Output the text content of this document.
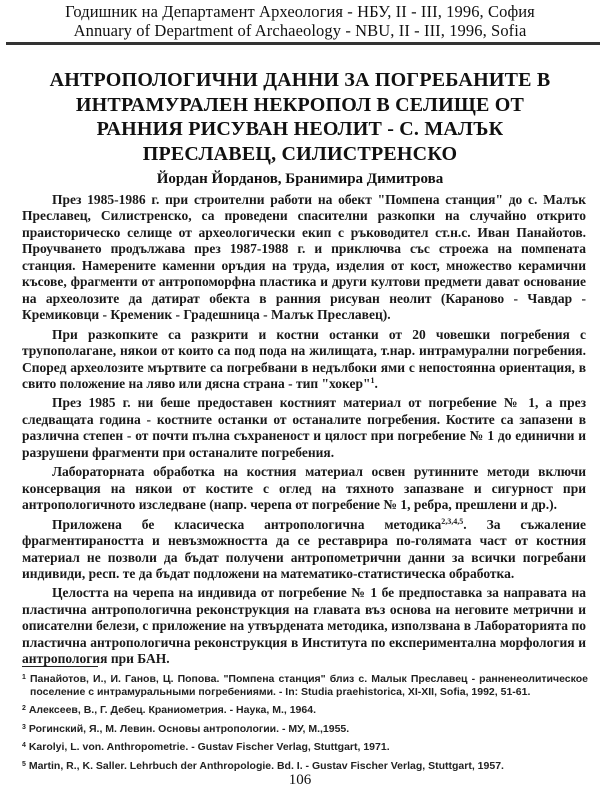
Годишник на Департамент Археология - НБУ, II - III, 1996, София
Annuary of Department of Archaeology - NBU, II - III, 1996, Sofia
АНТРОПОЛОГИЧНИ ДАННИ ЗА ПОГРЕБАНИТЕ В
ИНТРАМУРАЛЕН НЕКРОПОЛ В СЕЛИЩЕ ОТ
РАННИЯ РИСУВАН НЕОЛИТ - С. МАЛЪК
ПРЕСЛАВЕЦ, СИЛИСТРЕНСКО
Йордан Йорданов, Бранимира Димитрова

През 1985-1986 г. при строителни работи на обект "Помпена станция" до с. Малък Преславец, Силистренско, са проведени спасителни разкопки на случайно открито праисторическо селище от археологически екип с ръководител ст.н.с. Иван Панайотов. Проучването продължава през 1987-1988 г. и приключва със строежа на помпената станция. Намерените каменни оръдия на труда, изделия от кост, множество керамични късове, фрагменти от антропоморфна пластика и други култови предмети дават основание на археолозите да датират обекта в ранния рисуван неолит (Караново - Чавдар - Кремиковци - Кременик - Градешница - Малък Преславец).

При разкопките са разкрити и костни останки от 20 човешки погребения с трупополагане, някои от които са под пода на жилищата, т.нар. интрамурални погребения. Според археолозите мъртвите са погребвани в недълбоки ями с непостоянна ориентация, в свито положение на ляво или дясна страна - тип "хокер"$^1$.

През 1985 г. ни беше предоставен костният материал от погребение № 1, а през следващата година - костните останки от останалите погребения. Костите са запазени в различна степен - от почти пълна съхраненост и цялост при погребение № 1 до единични и разрушени фрагменти при останалите погребения.

Лабораторната обработка на костния материал освен рутинните методи включи консервация на някои от костите с оглед на тяхното запазване и сигурност при антропологичното изследване (напр. черепа от погребение № 1, ребра, прешлени и др.).

Приложена бе класическа антропологична методика$^{2,3,4,5}$. За съжаление фрагментираността и невъзможността да се реставрира по-голямата част от костния материал не позволи да бъдат получени антропометрични данни за всички погребани индивиди, респ. те да бъдат подложени на математико-статистическа обработка.

Целостта на черепа на индивида от погребение № 1 бе предпоставка за направата на пластична антропологична реконструкция на главата въз основа на неговите метрични и описателни белези, с приложение на утвърдената методика, използвана в Лабораторията по пластична антропологична реконструкция в Института по експериментална морфология и антропология при БАН.

$^1$ Панайотов, И., И. Ганов, Ц. Попова. "Помпена станция" близ с. Малык Преславец - ранненеолитическое поселение с интрамуральными погребениями. - In: Studia praehistorica, XI-XII, Sofia, 1992, 51-61.
$^2$ Алексеев, В., Г. Дебец. Краниометрия. - Наука, М., 1964.
$^3$ Рогинский, Я., М. Левин. Основы антропологии. - МУ, М.,1955.
$^4$ Karolyi, L. von. Anthropometrie. - Gustav Fischer Verlag, Stuttgart, 1971.
$^5$ Martin, R., K. Saller. Lehrbuch der Anthropologie. Bd. I. - Gustav Fischer Verlag, Stuttgart, 1957.
106
